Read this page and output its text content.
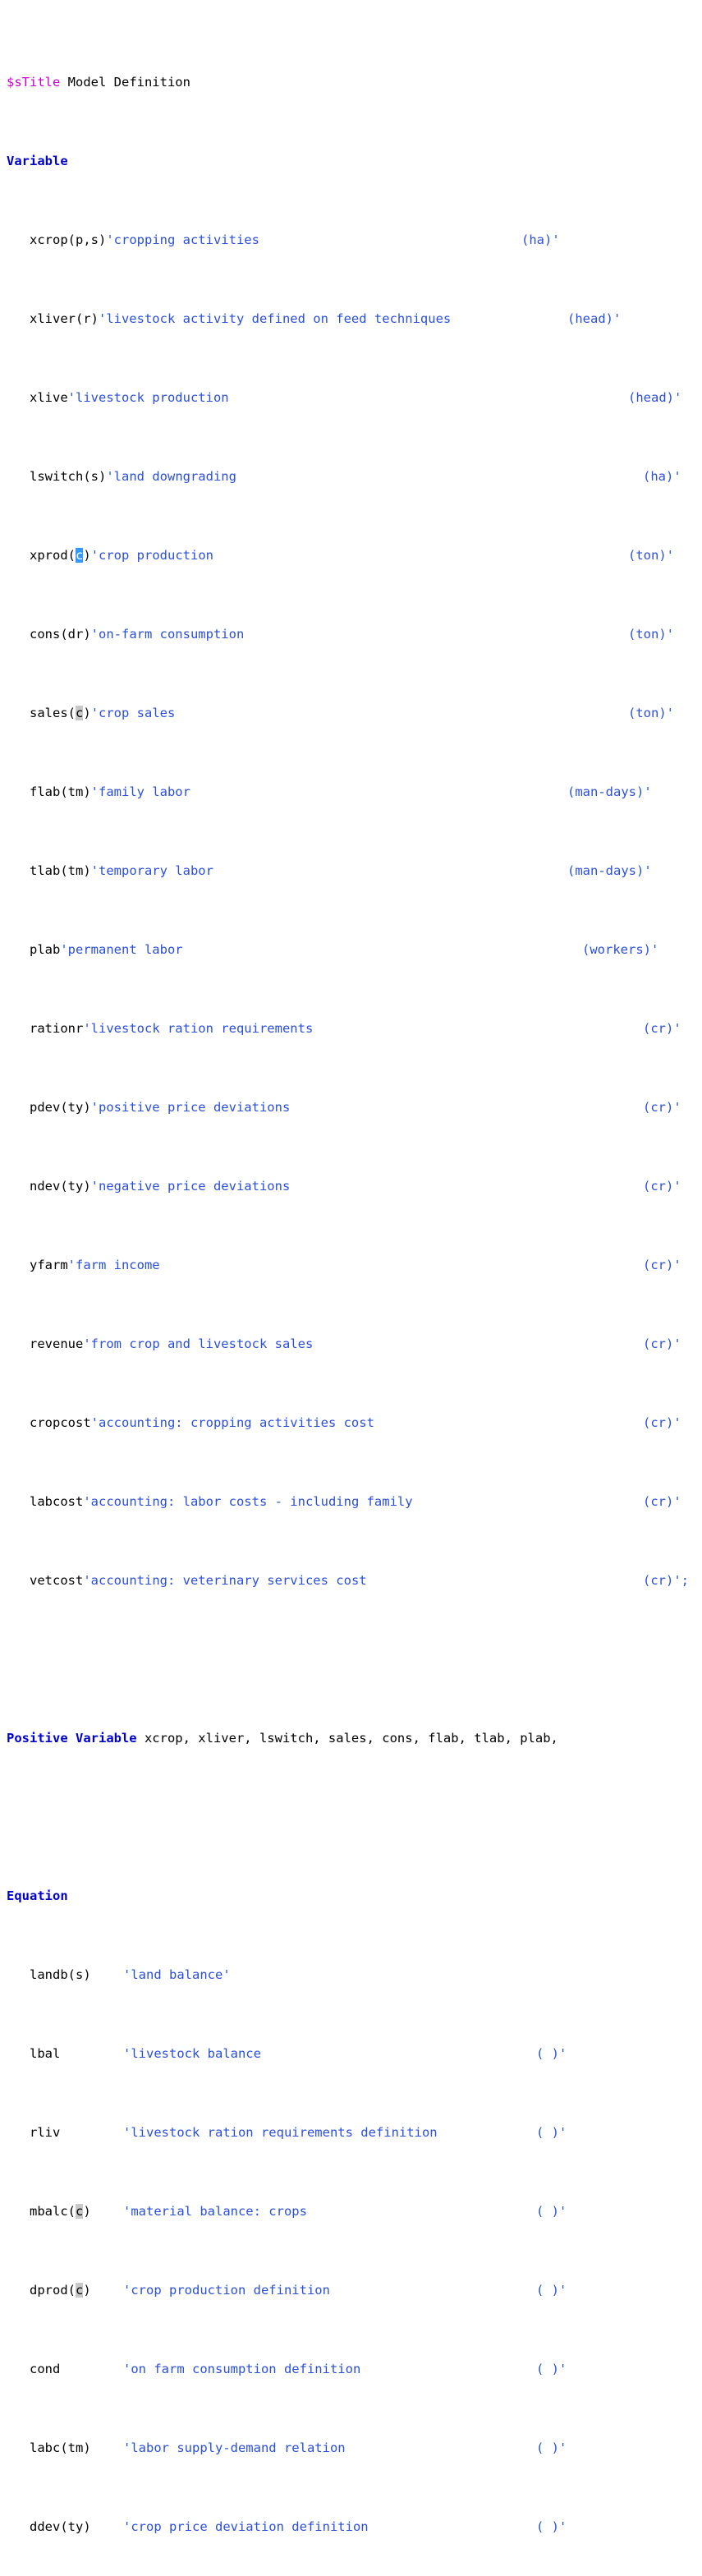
$sTitle Model Definition

Variable

xcrop(p,s)'cropping activities	(ha)'

xliver(r)'livestock activity defined on feed techniques	(head)'

xlive'livestock production	(head)'

lswitch(s)'land downgrading	(ha)'

xprod(c)'crop production	(ton)'

cons(dr)'on-farm consumption	(ton)'

sales(c)'crop sales	(ton)'

flab(tm)'family labor	(man-days)'

tlab(tm)'temporary labor	(man-days)'

plab'permanent labor	(workers)'

rationr'livestock ration requirements	(cr)'

pdev(ty)'positive price deviations	(cr)'

ndev(ty)'negative price deviations	(cr)'

yfarm'farm income	(cr)'

revenue'from crop and livestock sales	(cr)'

cropcost'accounting: cropping activities cost	(cr)'

labcost'accounting: labor costs - including family	(cr)'

vetcost'accounting: veterinary services cost	(cr)';

Positive Variable xcrop, xliver, lswitch, sales, cons, flab, tlab, plab,

Equation

landb(s)	'land balance'

lbal	'livestock balance	( )'

rliv	'livestock ration requirements definition	( )'

mbalc(c)	'material balance: crops	( )'

dprod(c)	'crop production definition	( )'

cond	'on farm consumption definition	( )'

labc(tm)	'labor supply-demand relation	( )'

ddev(ty)	'crop price deviation definition	( )'
